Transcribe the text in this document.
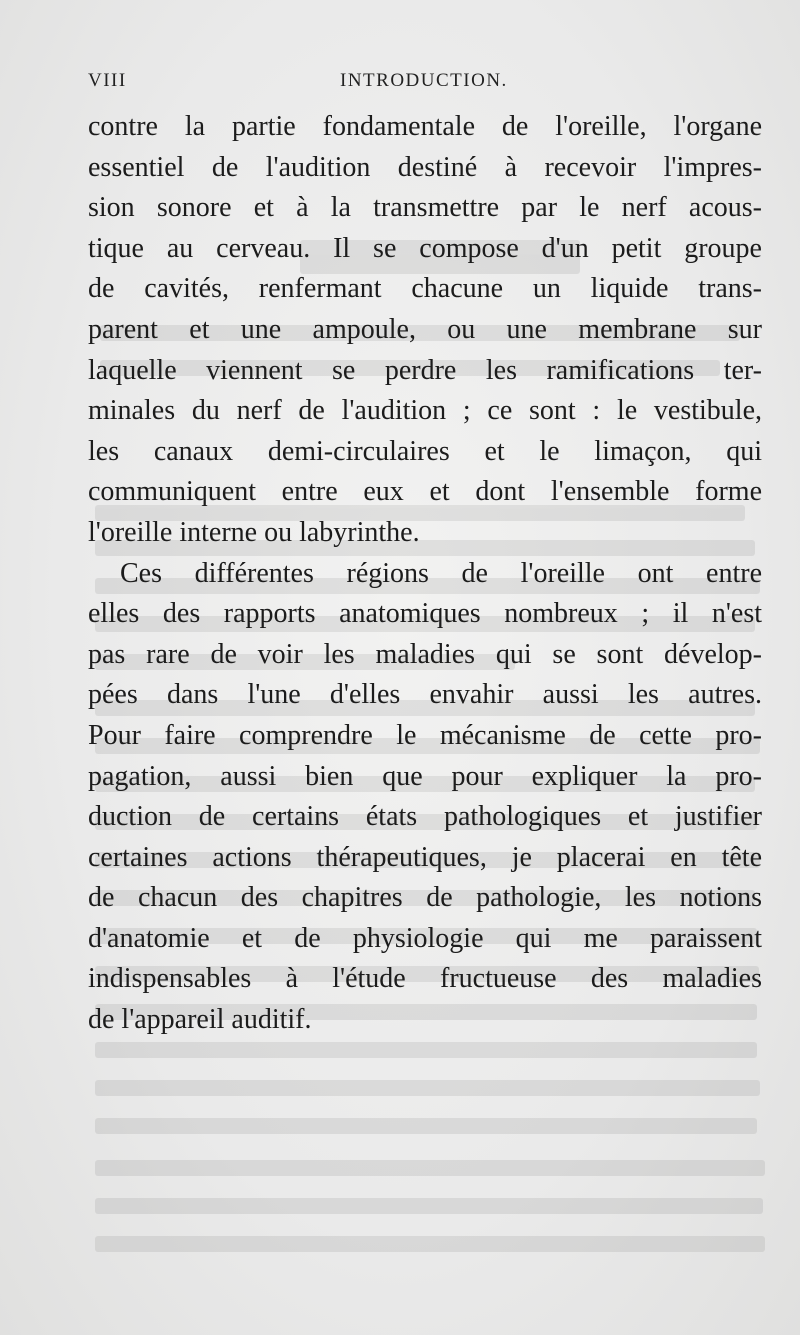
VIII	INTRODUCTION.

contre la partie fondamentale de l'oreille, l'organe
essentiel de l'audition destiné à recevoir l'impres-
sion sonore et à la transmettre par le nerf acous-
tique au cerveau. Il se compose d'un petit groupe
de cavités, renfermant chacune un liquide trans-
parent et une ampoule, ou une membrane sur
laquelle viennent se perdre les ramifications ter-
minales du nerf de l'audition ; ce sont : le vestibule,
les canaux demi-circulaires et le limaçon, qui
communiquent entre eux et dont l'ensemble forme
l'oreille interne ou labyrinthe.

Ces différentes régions de l'oreille ont entre
elles des rapports anatomiques nombreux ; il n'est
pas rare de voir les maladies qui se sont dévelop-
pées dans l'une d'elles envahir aussi les autres.
Pour faire comprendre le mécanisme de cette pro-
pagation, aussi bien que pour expliquer la pro-
duction de certains états pathologiques et justifier
certaines actions thérapeutiques, je placerai en tête
de chacun des chapitres de pathologie, les notions
d'anatomie et de physiologie qui me paraissent
indispensables à l'étude fructueuse des maladies
de l'appareil auditif.
